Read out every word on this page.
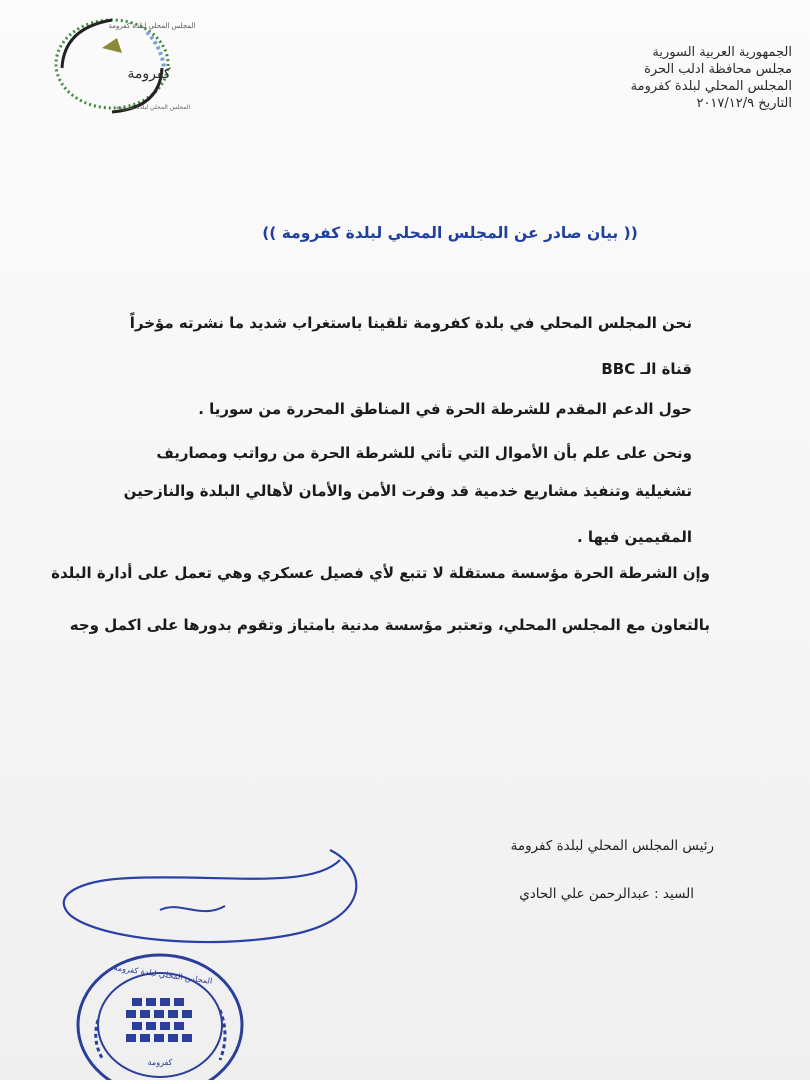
المجلس المحلي لبلدة كفرومة
كفرومة
المجلس المحلي لبلدة كفرومة
الجمهورية العربية السورية
مجلس محافظة ادلب الحرة
المجلس المحلي لبلدة كفرومة
التاريخ ٢٠١٧/١٢/٩
(( بيان صادر عن المجلس المحلي لبلدة كفرومة ))
نحن المجلس المحلي في بلدة كفرومة تلقينا باستغراب شديد ما نشرته مؤخراً
قناة الـ BBC
حول الدعم المقدم للشرطة الحرة في المناطق المحررة من سوريا .
ونحن على علم بأن الأموال التي تأتي للشرطة الحرة من رواتب ومصاريف
تشغيلية وتنفيذ مشاريع خدمية قد وفرت الأمن والأمان لأهالي البلدة والنازحين
المقيمين فيها .
وإن الشرطة الحرة مؤسسة مستقلة لا تتبع لأي فصيل عسكري وهي تعمل على أدارة البلدة
بالتعاون مع المجلس المحلي، وتعتبر مؤسسة مدنية بامتياز وتقوم بدورها على اكمل وجه
رئيس المجلس المحلي لبلدة كفرومة
السيد : عبدالرحمن علي الحادي
المجلس المحلي لبلدة كفرومة
كفرومة
